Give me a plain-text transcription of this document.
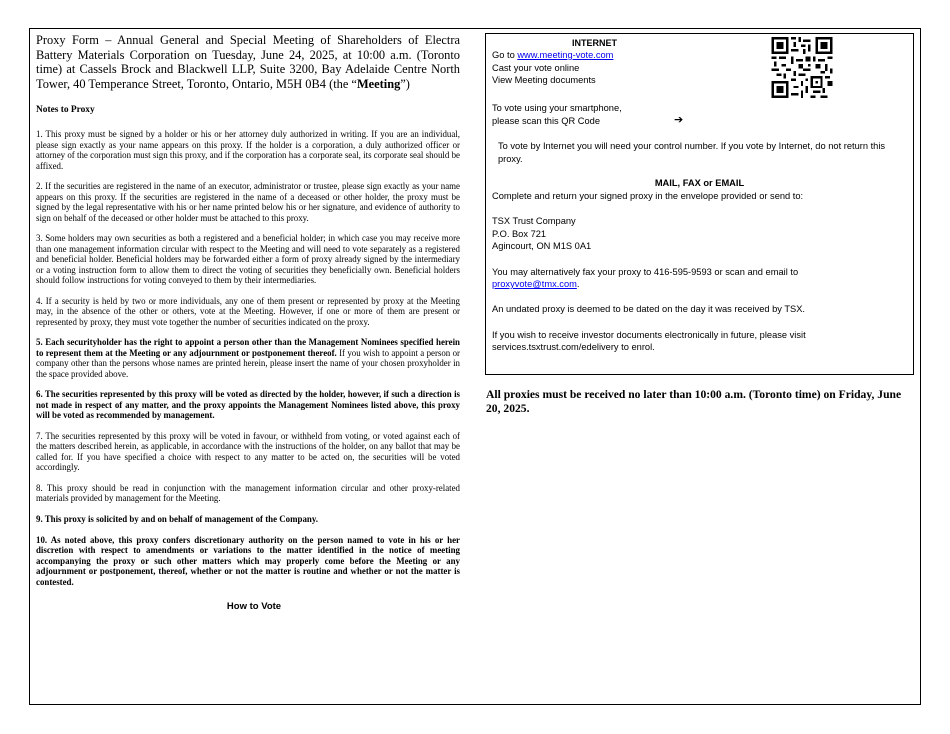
Proxy Form – Annual General and Special Meeting of Shareholders of Electra Battery Materials Corporation on Tuesday, June 24, 2025, at 10:00 a.m. (Toronto time) at Cassels Brock and Blackwell LLP, Suite 3200, Bay Adelaide Centre North Tower, 40 Temperance Street, Toronto, Ontario, M5H 0B4 (the “Meeting”)

Notes to Proxy

1. This proxy must be signed by a holder or his or her attorney duly authorized in writing. If you are an individual, please sign exactly as your name appears on this proxy. If the holder is a corporation, a duly authorized officer or attorney of the corporation must sign this proxy, and if the corporation has a corporate seal, its corporate seal should be affixed.

2. If the securities are registered in the name of an executor, administrator or trustee, please sign exactly as your name appears on this proxy. If the securities are registered in the name of a deceased or other holder, the proxy must be signed by the legal representative with his or her name printed below his or her signature, and evidence of authority to sign on behalf of the deceased or other holder must be attached to this proxy.

3. Some holders may own securities as both a registered and a beneficial holder; in which case you may receive more than one management information circular with respect to the Meeting and will need to vote separately as a registered and beneficial holder. Beneficial holders may be forwarded either a form of proxy already signed by the intermediary or a voting instruction form to allow them to direct the voting of securities they beneficially own. Beneficial holders should follow instructions for voting conveyed to them by their intermediaries.

4. If a security is held by two or more individuals, any one of them present or represented by proxy at the Meeting may, in the absence of the other or others, vote at the Meeting. However, if one or more of them are present or represented by proxy, they must vote together the number of securities indicated on the proxy.

5. Each securityholder has the right to appoint a person other than the Management Nominees specified herein to represent them at the Meeting or any adjournment or postponement thereof. If you wish to appoint a person or company other than the persons whose names are printed herein, please insert the name of your chosen proxyholder in the space provided above.

6. The securities represented by this proxy will be voted as directed by the holder, however, if such a direction is not made in respect of any matter, and the proxy appoints the Management Nominees listed above, this proxy will be voted as recommended by management.

7. The securities represented by this proxy will be voted in favour, or withheld from voting, or voted against each of the matters described herein, as applicable, in accordance with the instructions of the holder, on any ballot that may be called for. If you have specified a choice with respect to any matter to be acted on, the securities will be voted accordingly.

8. This proxy should be read in conjunction with the management information circular and other proxy-related materials provided by management for the Meeting.

9. This proxy is solicited by and on behalf of management of the Company.

10. As noted above, this proxy confers discretionary authority on the person named to vote in his or her discretion with respect to amendments or variations to the matter identified in the notice of meeting accompanying the proxy or such other matters which may properly come before the Meeting or any adjournment or postponement, thereof, whether or not the matter is routine and whether or not the matter is contested.

How to Vote
INTERNET
Go to www.meeting-vote.com
Cast your vote online
View Meeting documents
To vote using your smartphone,
please scan this QR Code	➔
To vote by Internet you will need your control number. If you vote by Internet, do not return this proxy.
MAIL, FAX or EMAIL

Complete and return your signed proxy in the envelope provided or send to:

TSX Trust Company

P.O. Box 721

Agincourt, ON M1S 0A1

You may alternatively fax your proxy to 416-595-9593 or scan and email to
proxyvote@tmx.com.

An undated proxy is deemed to be dated on the day it was received by TSX.

If you wish to receive investor documents electronically in future, please visit services.tsxtrust.com/edelivery to enrol.

All proxies must be received no later than 10:00 a.m. (Toronto time) on Friday, June 20, 2025.
